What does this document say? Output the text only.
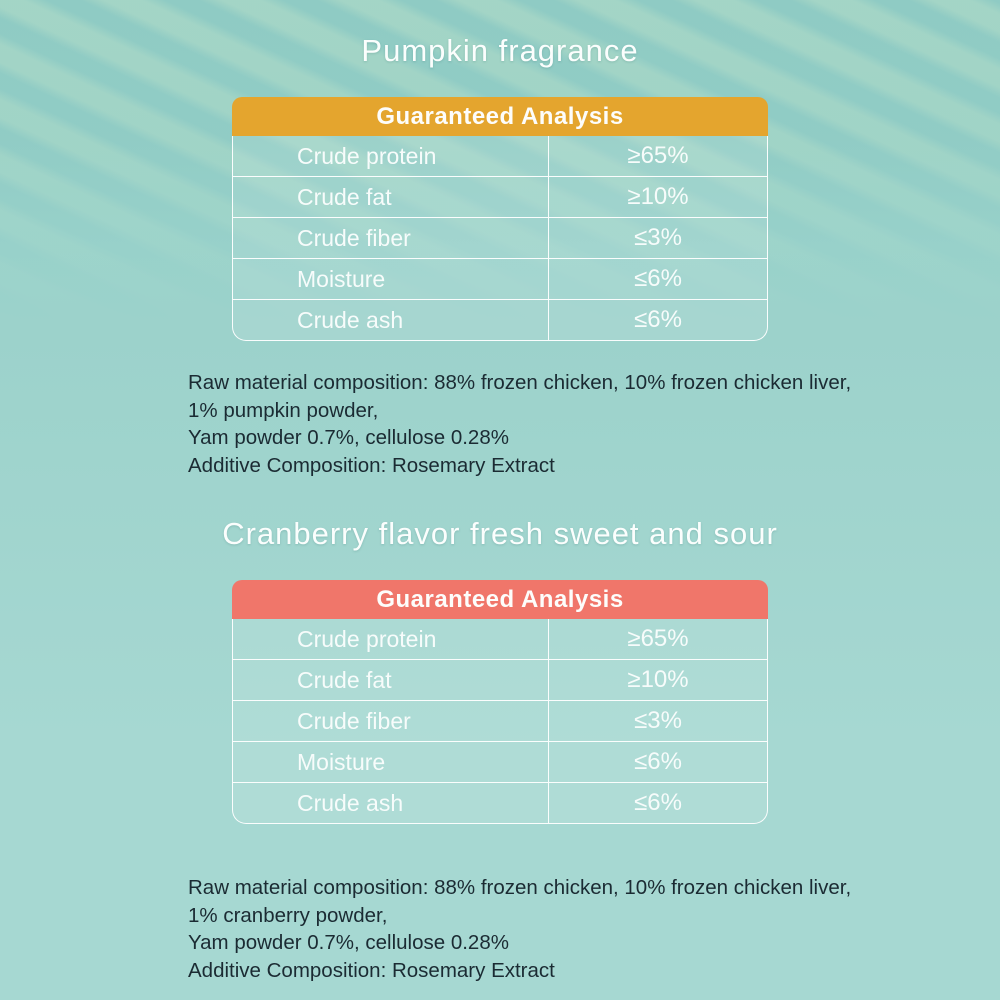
Pumpkin fragrance
Guaranteed Analysis
Crude protein	≥65%
Crude fat	≥10%
Crude fiber	≤3%
Moisture	≤6%
Crude ash	≤6%
Raw material composition: 88% frozen chicken, 10% frozen chicken liver,
1% pumpkin powder,
Yam powder 0.7%, cellulose 0.28%
Additive Composition: Rosemary Extract
Cranberry flavor fresh sweet and sour
Guaranteed Analysis
Crude protein	≥65%
Crude fat	≥10%
Crude fiber	≤3%
Moisture	≤6%
Crude ash	≤6%
Raw material composition: 88% frozen chicken, 10% frozen chicken liver,
1% cranberry powder,
Yam powder 0.7%, cellulose 0.28%
Additive Composition: Rosemary Extract
